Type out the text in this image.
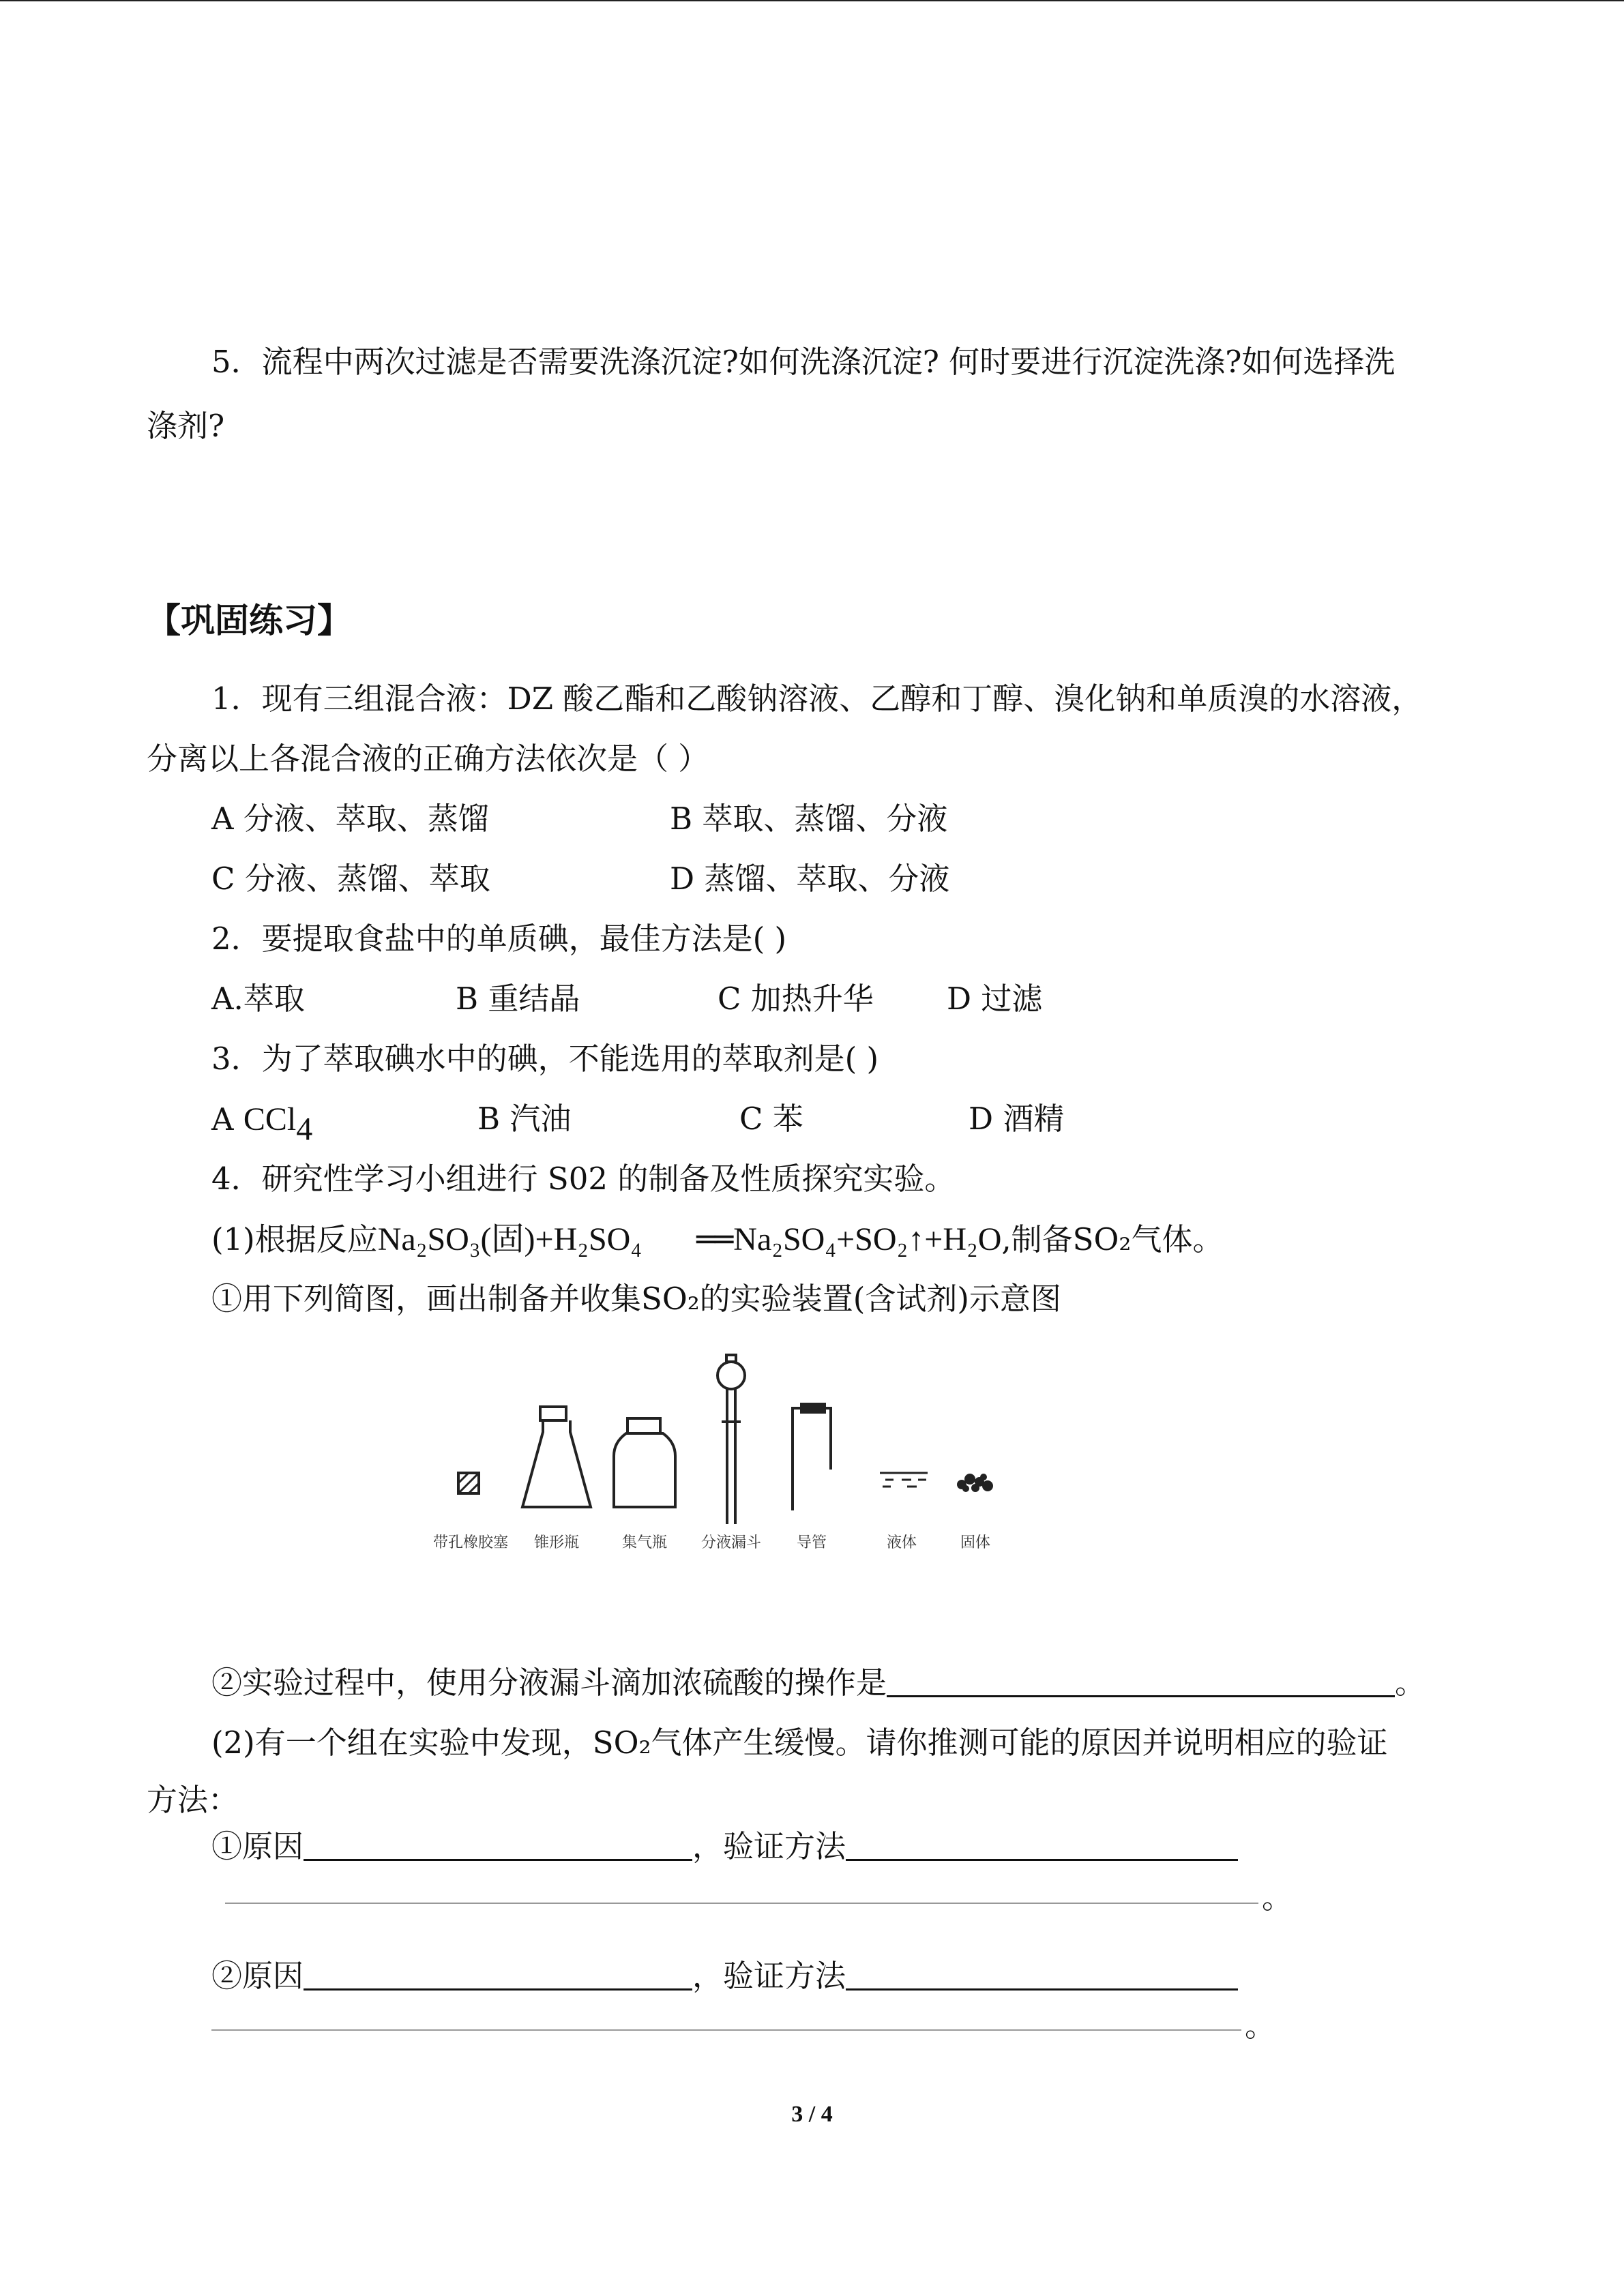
5．流程中两次过滤是否需要洗涤沉淀?如何洗涤沉淀? 何时要进行沉淀洗涤?如何选择洗
涤剂?
【巩固练习】
1．现有三组混合液：DZ 酸乙酯和乙酸钠溶液、乙醇和丁醇、溴化钠和单质溴的水溶液，
分离以上各混合液的正确方法依次是（ ）
A 分液、萃取、蒸馏	B 萃取、蒸馏、分液
C 分液、蒸馏、萃取	D 蒸馏、萃取、分液
2．要提取食盐中的单质碘，最佳方法是( )
A.萃取	B 重结晶	C 加热升华 D 过滤
3．为了萃取碘水中的碘，不能选用的萃取剂是( )
A CCl$_4$	B 汽油	C 苯	D 酒精
4．研究性学习小组进行 S02 的制备及性质探究实验。
(1)根据反应Na₂SO₃(固)+H₂SO₄ ══Na₂SO₄+SO₂↑+H₂O,制备SO₂气体。
①用下列简图，画出制备并收集SO₂的实验装置(含试剂)示意图
带孔橡胶塞 锥形瓶	集气瓶 分液漏斗 导管	液体	固体
②实验过程中，使用分液漏斗滴加浓硫酸的操作是	。
(2)有一个组在实验中发现，SO₂气体产生缓慢。请你推测可能的原因并说明相应的验证
方法：
①原因	，验证方法
。
②原因	，验证方法
。
3 / 4
